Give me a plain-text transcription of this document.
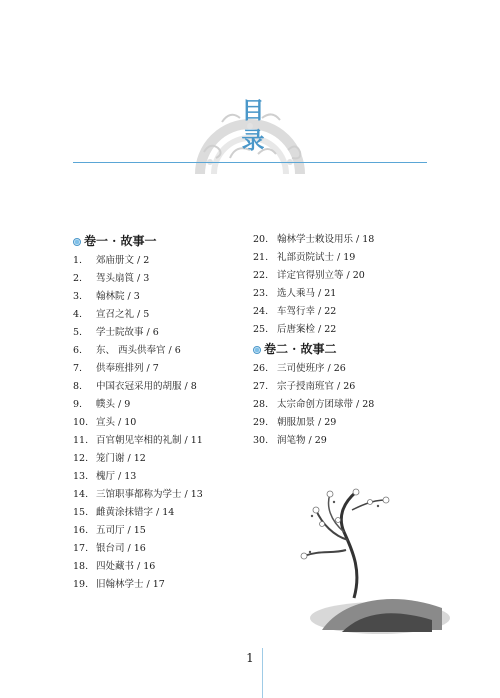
目
录
卷一 · 故事一
1.	郊庙册文 / 2
2.	驾头扇筤 / 3
3.	翰林院 / 3
4.	宣召之礼 / 5
5.	学士院故事 / 6
6.	东、 西头供奉官 / 6
7.	供奉班排列 / 7
8.	中国衣冠采用的胡服 / 8
9.	幞头 / 9
10. 宣头 / 10
11. 百官朝见宰相的礼制 / 11
12. 笼门谢 / 12
13. 槐厅 / 13
14. 三馆职事都称为学士 / 13
15. 雌黄涂抹错字 / 14
16. 五司厅 / 15
17. 银台司 / 16
18. 四处藏书 / 16
19. 旧翰林学士 / 17
20. 翰林学士敕设用乐 / 18
21. 礼部贡院试士 / 19
22. 详定官得别立等 / 20
23. 选人乘马 / 21
24. 车驾行幸 / 22
25. 后唐案检 / 22
卷二 · 故事二
26. 三司使班序 / 26
27. 宗子授南班官 / 26
28. 太宗命创方团球带 / 28
29. 朝服加景 / 29
30. 润笔物 / 29
1
